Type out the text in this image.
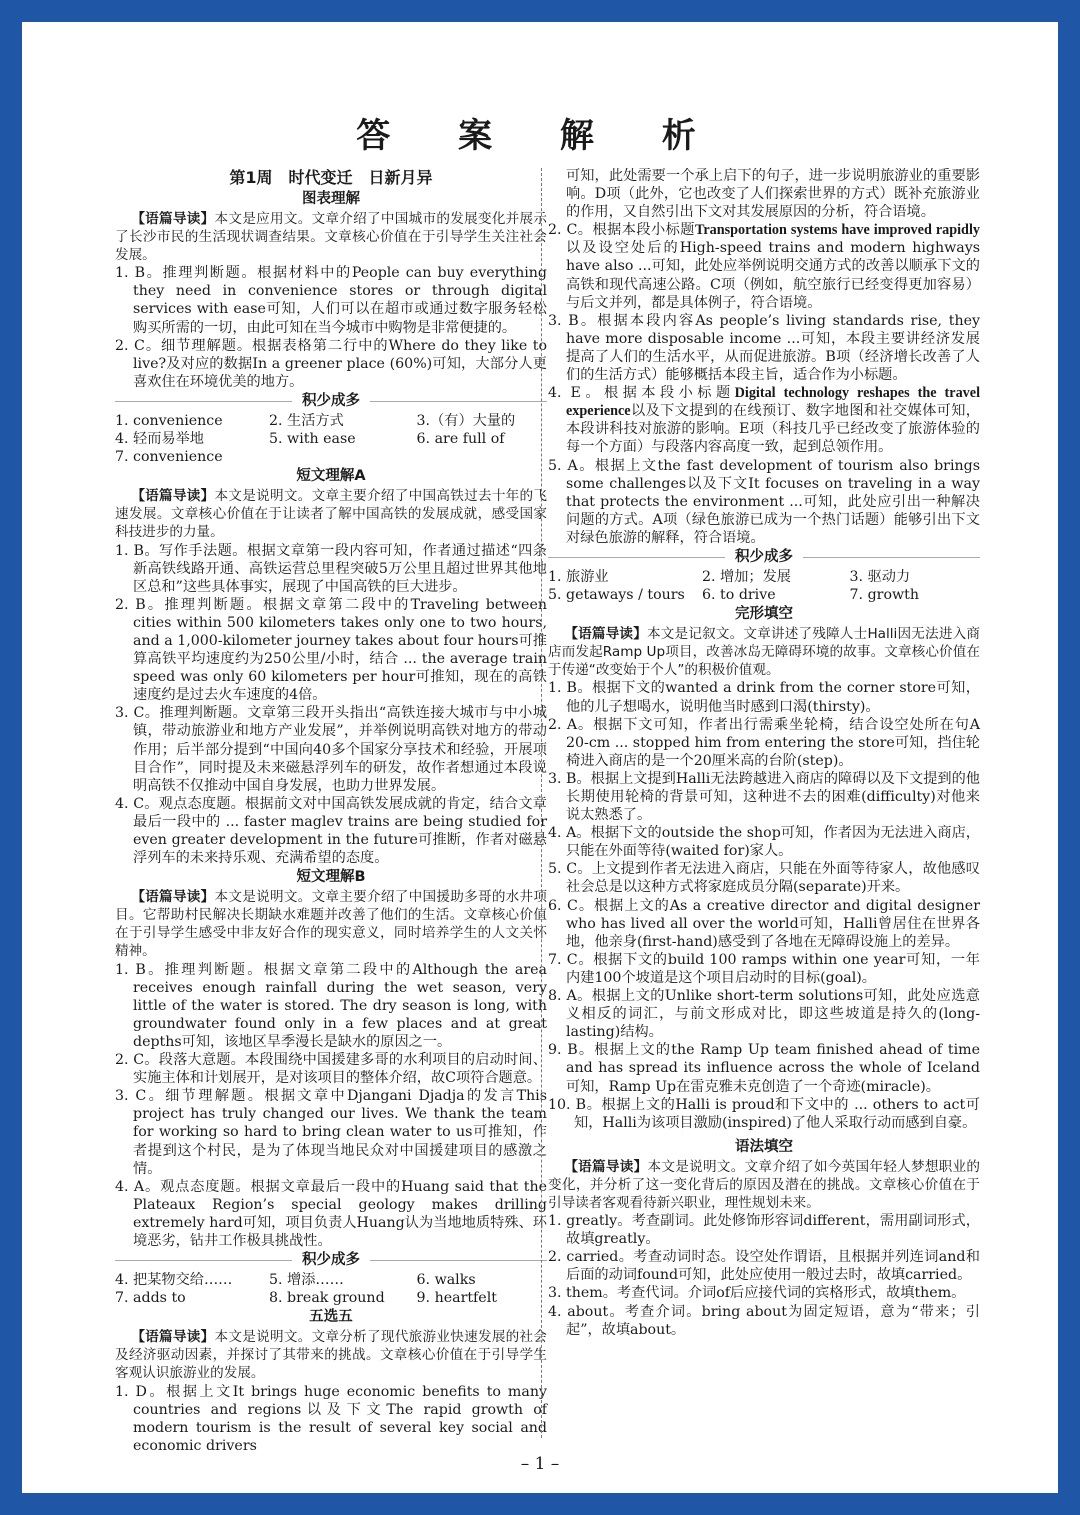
答 案 解 析
第1周　时代变迁　日新月异
图表理解
【语篇导读】本文是应用文。文章介绍了中国城市的发展变化并展示了长沙市民的生活现状调查结果。文章核心价值在于引导学生关注社会发展。
1. B。推理判断题。根据材料中的People can buy everything they need in convenience stores or through digital services with ease可知，人们可以在超市或通过数字服务轻松购买所需的一切，由此可知在当今城市中购物是非常便捷的。
2. C。细节理解题。根据表格第二行中的Where do they like to live?及对应的数据In a greener place (60%)可知，大部分人更喜欢住在环境优美的地方。
积少成多
1. convenience	2. 生活方式	3.（有）大量的
4. 轻而易举地	5. with ease	6. are full of
7. convenience
短文理解A
【语篇导读】本文是说明文。文章主要介绍了中国高铁过去十年的飞速发展。文章核心价值在于让读者了解中国高铁的发展成就，感受国家科技进步的力量。
1. B。写作手法题。根据文章第一段内容可知，作者通过描述“四条新高铁线路开通、高铁运营总里程突破5万公里且超过世界其他地区总和”这些具体事实，展现了中国高铁的巨大进步。
2. B。推理判断题。根据文章第二段中的Traveling between cities within 500 kilometers takes only one to two hours, and a 1,000-kilometer journey takes about four hours可推算高铁平均速度约为250公里/小时，结合 ... the average train speed was only 60 kilometers per hour可推知，现在的高铁速度约是过去火车速度的4倍。
3. C。推理判断题。文章第三段开头指出“高铁连接大城市与中小城镇，带动旅游业和地方产业发展”，并举例说明高铁对地方的带动作用；后半部分提到“中国向40多个国家分享技术和经验，开展项目合作”，同时提及未来磁悬浮列车的研发，故作者想通过本段说明高铁不仅推动中国自身发展，也助力世界发展。
4. C。观点态度题。根据前文对中国高铁发展成就的肯定，结合文章最后一段中的 ... faster maglev trains are being studied for even greater development in the future可推断，作者对磁悬浮列车的未来持乐观、充满希望的态度。
短文理解B
【语篇导读】本文是说明文。文章主要介绍了中国援助多哥的水井项目。它帮助村民解决长期缺水难题并改善了他们的生活。文章核心价值在于引导学生感受中非友好合作的现实意义，同时培养学生的人文关怀精神。
1. B。推理判断题。根据文章第二段中的Although the area receives enough rainfall during the wet season, very little of the water is stored. The dry season is long, with groundwater found only in a few places and at great depths可知，该地区旱季漫长是缺水的原因之一。
2. C。段落大意题。本段围绕中国援建多哥的水利项目的启动时间、实施主体和计划展开，是对该项目的整体介绍，故C项符合题意。
3. C。细节理解题。根据文章中Djangani Djadja的发言This project has truly changed our lives. We thank the team for working so hard to bring clean water to us可推知，作者提到这个村民，是为了体现当地民众对中国援建项目的感激之情。
4. A。观点态度题。根据文章最后一段中的Huang said that the Plateaux Region’s special geology makes drilling extremely hard可知，项目负责人Huang认为当地地质特殊、环境恶劣，钻井工作极具挑战性。
积少成多
4. 把某物交给……	5. 增添……	6. walks
7. adds to	8. break ground	9. heartfelt
五选五
【语篇导读】本文是说明文。文章分析了现代旅游业快速发展的社会及经济驱动因素，并探讨了其带来的挑战。文章核心价值在于引导学生客观认识旅游业的发展。
1. D。根据上文It brings huge economic benefits to many countries and regions以及下文The rapid growth of modern tourism is the result of several key social and economic drivers
可知，此处需要一个承上启下的句子，进一步说明旅游业的重要影响。D项（此外，它也改变了人们探索世界的方式）既补充旅游业的作用，又自然引出下文对其发展原因的分析，符合语境。
2. C。根据本段小标题Transportation systems have improved rapidly以及设空处后的High-speed trains and modern highways have also ...可知，此处应举例说明交通方式的改善以顺承下文的高铁和现代高速公路。C项（例如，航空旅行已经变得更加容易）与后文并列，都是具体例子，符合语境。
3. B。根据本段内容As people’s living standards rise, they have more disposable income ...可知，本段主要讲经济发展提高了人们的生活水平，从而促进旅游。B项（经济增长改善了人们的生活方式）能够概括本段主旨，适合作为小标题。
4. E。根据本段小标题Digital technology reshapes the travel experience以及下文提到的在线预订、数字地图和社交媒体可知，本段讲科技对旅游的影响。E项（科技几乎已经改变了旅游体验的每一个方面）与段落内容高度一致，起到总领作用。
5. A。根据上文the fast development of tourism also brings some challenges以及下文It focuses on traveling in a way that protects the environment ...可知，此处应引出一种解决问题的方式。A项（绿色旅游已成为一个热门话题）能够引出下文对绿色旅游的解释，符合语境。
积少成多
1. 旅游业	2. 增加；发展	3. 驱动力
5. getaways / tours	6. to drive	7. growth
完形填空
【语篇导读】本文是记叙文。文章讲述了残障人士Halli因无法进入商店而发起Ramp Up项目，改善冰岛无障碍环境的故事。文章核心价值在于传递“改变始于个人”的积极价值观。
1. B。根据下文的wanted a drink from the corner store可知，他的儿子想喝水，说明他当时感到口渴(thirsty)。
2. A。根据下文可知，作者出行需乘坐轮椅，结合设空处所在句A 20-cm ... stopped him from entering the store可知，挡住轮椅进入商店的是一个20厘米高的台阶(step)。
3. B。根据上文提到Halli无法跨越进入商店的障碍以及下文提到的他长期使用轮椅的背景可知，这种进不去的困难(difficulty)对他来说太熟悉了。
4. A。根据下文的outside the shop可知，作者因为无法进入商店，只能在外面等待(waited for)家人。
5. C。上文提到作者无法进入商店，只能在外面等待家人，故他感叹社会总是以这种方式将家庭成员分隔(separate)开来。
6. C。根据上文的As a creative director and digital designer who has lived all over the world可知，Halli曾居住在世界各地，他亲身(first-hand)感受到了各地在无障碍设施上的差异。
7. C。根据下文的build 100 ramps within one year可知，一年内建100个坡道是这个项目启动时的目标(goal)。
8. A。根据上文的Unlike short-term solutions可知，此处应选意义相反的词汇，与前文形成对比，即这些坡道是持久的(long-lasting)结构。
9. B。根据上文的the Ramp Up team finished ahead of time and has spread its influence across the whole of Iceland可知，Ramp Up在雷克雅未克创造了一个奇迹(miracle)。
10. B。根据上文的Halli is proud和下文中的 ... others to act可知，Halli为该项目激励(inspired)了他人采取行动而感到自豪。
语法填空
【语篇导读】本文是说明文。文章介绍了如今英国年轻人梦想职业的变化，并分析了这一变化背后的原因及潜在的挑战。文章核心价值在于引导读者客观看待新兴职业，理性规划未来。
1. greatly。考查副词。此处修饰形容词different，需用副词形式，故填greatly。
2. carried。考查动词时态。设空处作谓语，且根据并列连词and和后面的动词found可知，此处应使用一般过去时，故填carried。
3. them。考查代词。介词of后应接代词的宾格形式，故填them。
4. about。考查介词。bring about为固定短语，意为“带来；引起”，故填about。
– 1 –
